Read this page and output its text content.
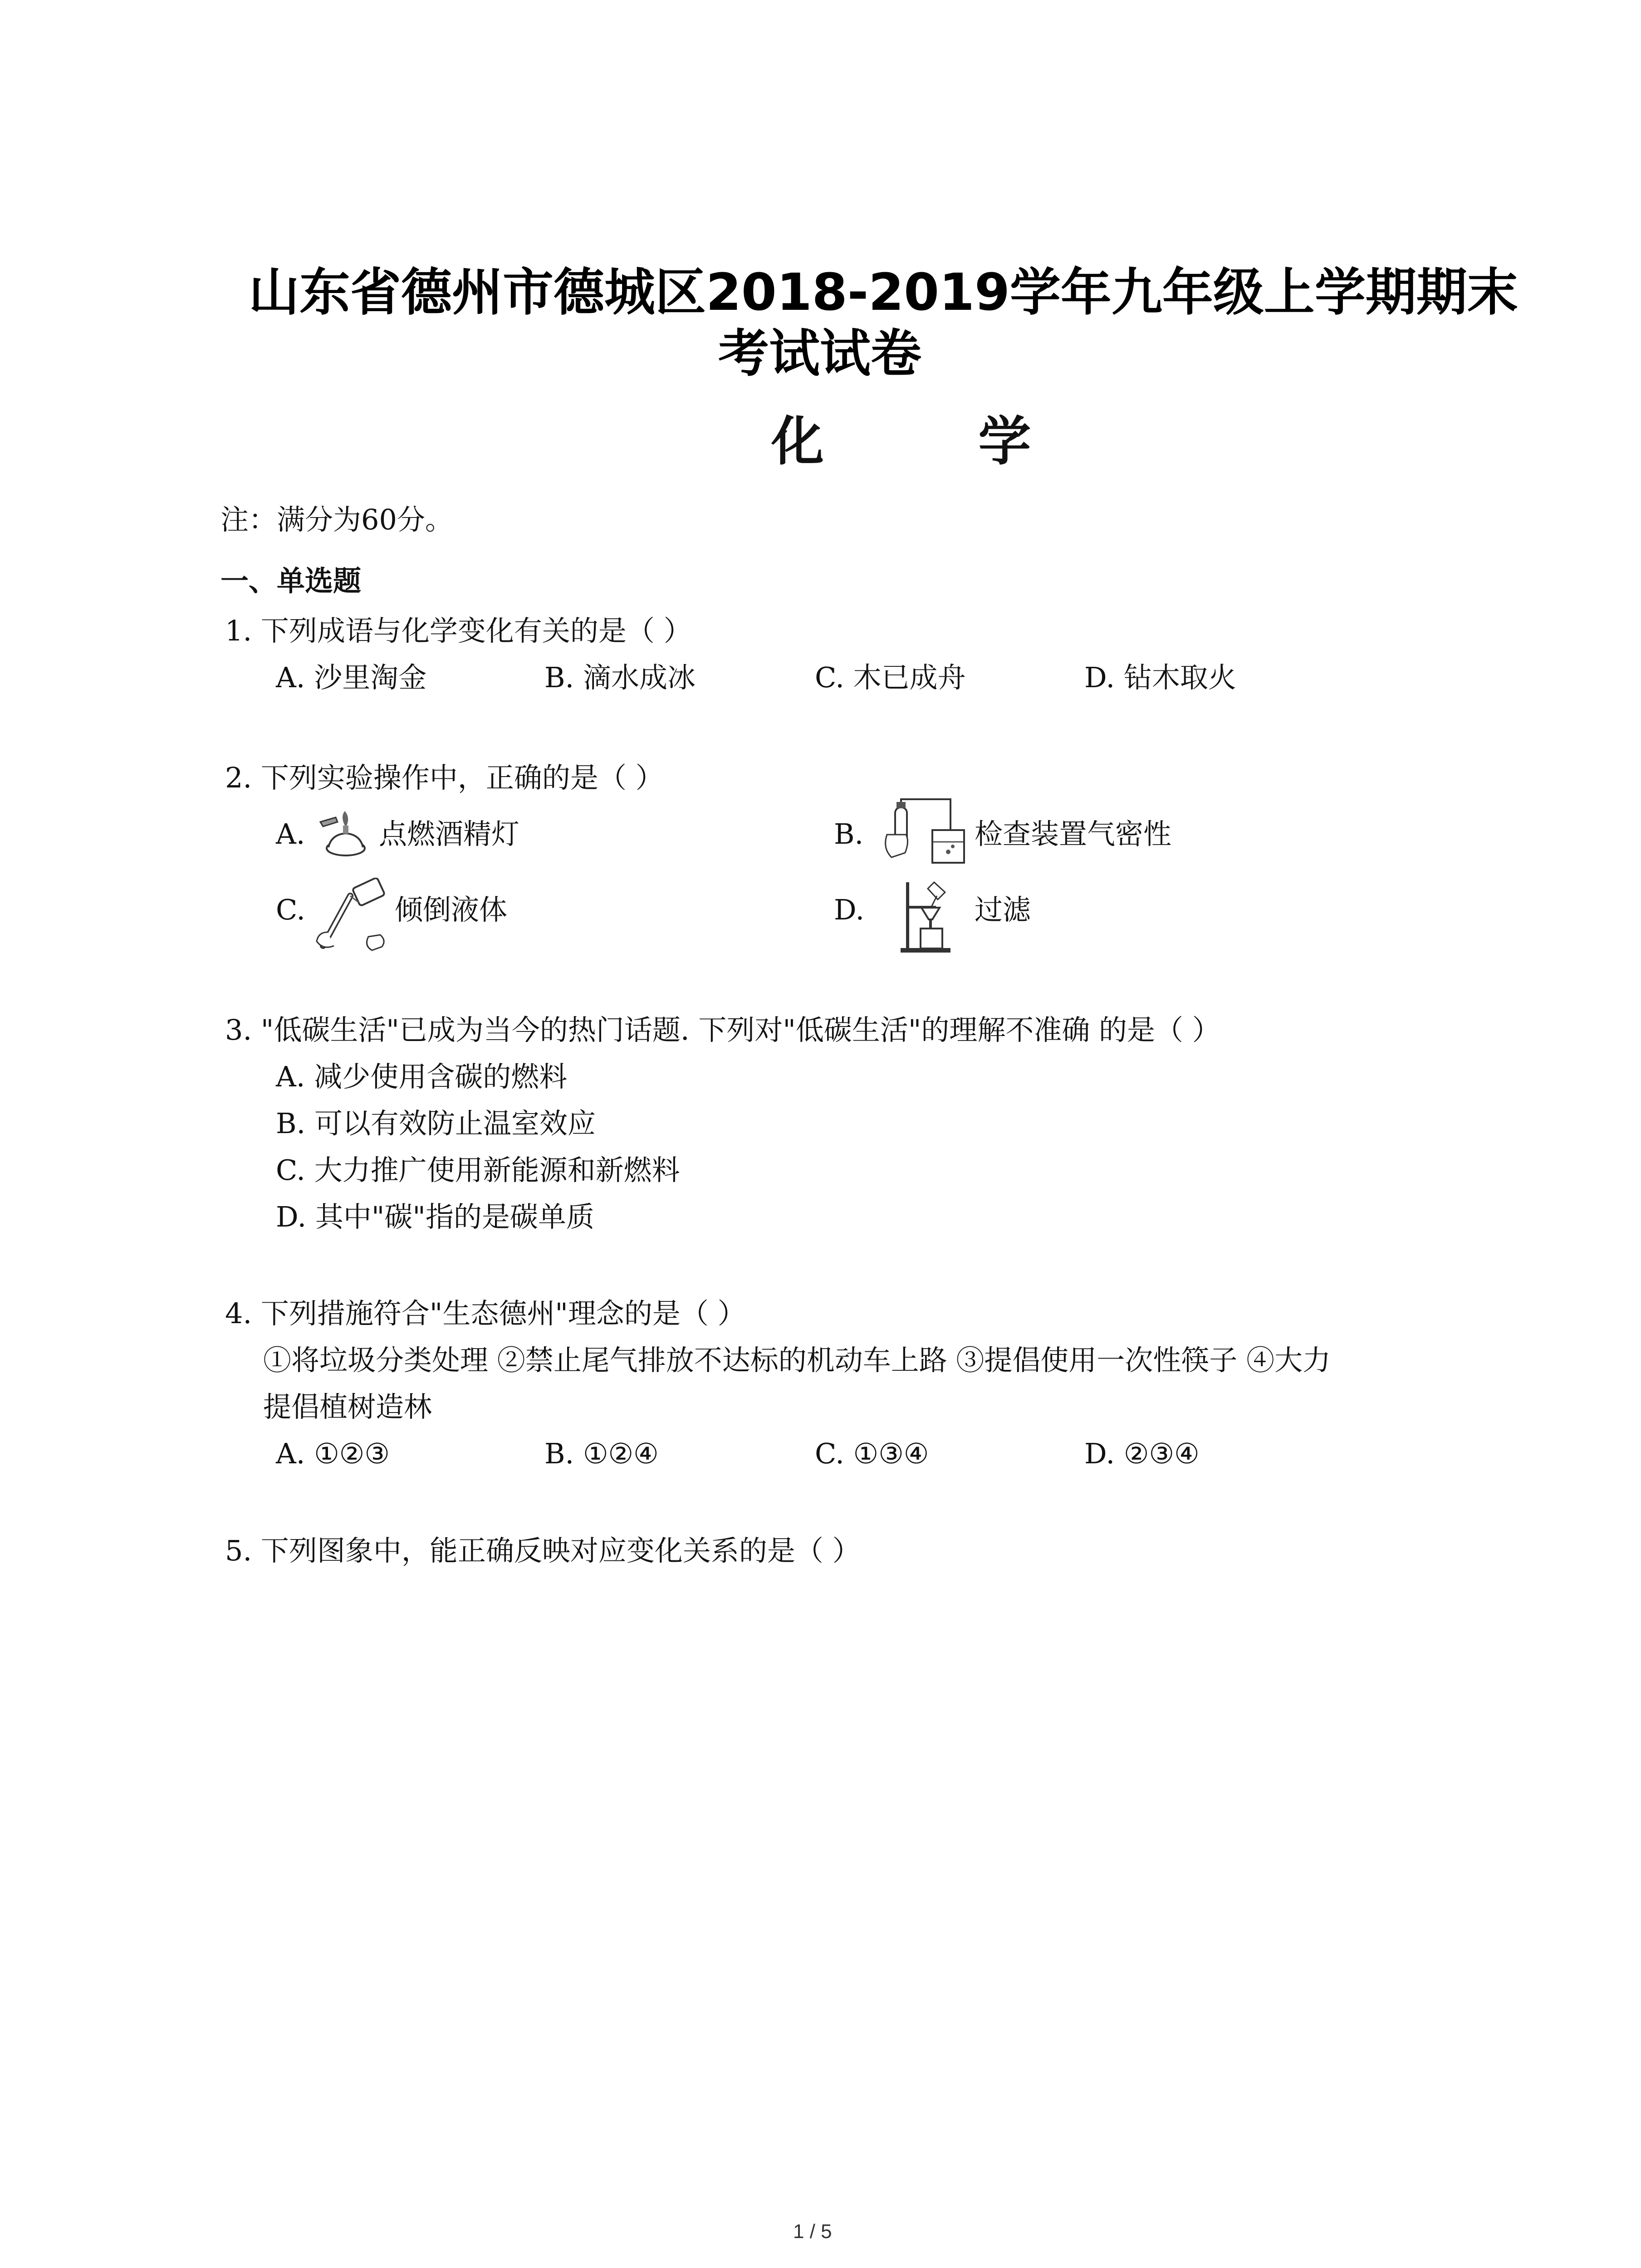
山东省德州市德城区2018-2019学年九年级上学期期末
考试试卷
化 学
注：满分为60分。
一、单选题
1. 下列成语与化学变化有关的是（ ）
A. 沙里淘金	B. 滴水成冰	C. 木已成舟	D. 钻木取火
2. 下列实验操作中，正确的是（ ）
A.	点燃酒精灯	B.	检查装置气密性
C.	倾倒液体	D.	过滤
3. "低碳生活"已成为当今的热门话题. 下列对"低碳生活"的理解不准确 的是（ ）
A. 减少使用含碳的燃料
B. 可以有效防止温室效应
C. 大力推广使用新能源和新燃料
D. 其中"碳"指的是碳单质
4. 下列措施符合"生态德州"理念的是（ ）
①将垃圾分类处理 ②禁止尾气排放不达标的机动车上路 ③提倡使用一次性筷子 ④大力
提倡植树造林
A. ①②③	B. ①②④	C. ①③④	D. ②③④
5. 下列图象中，能正确反映对应变化关系的是（ ）
1 / 5
